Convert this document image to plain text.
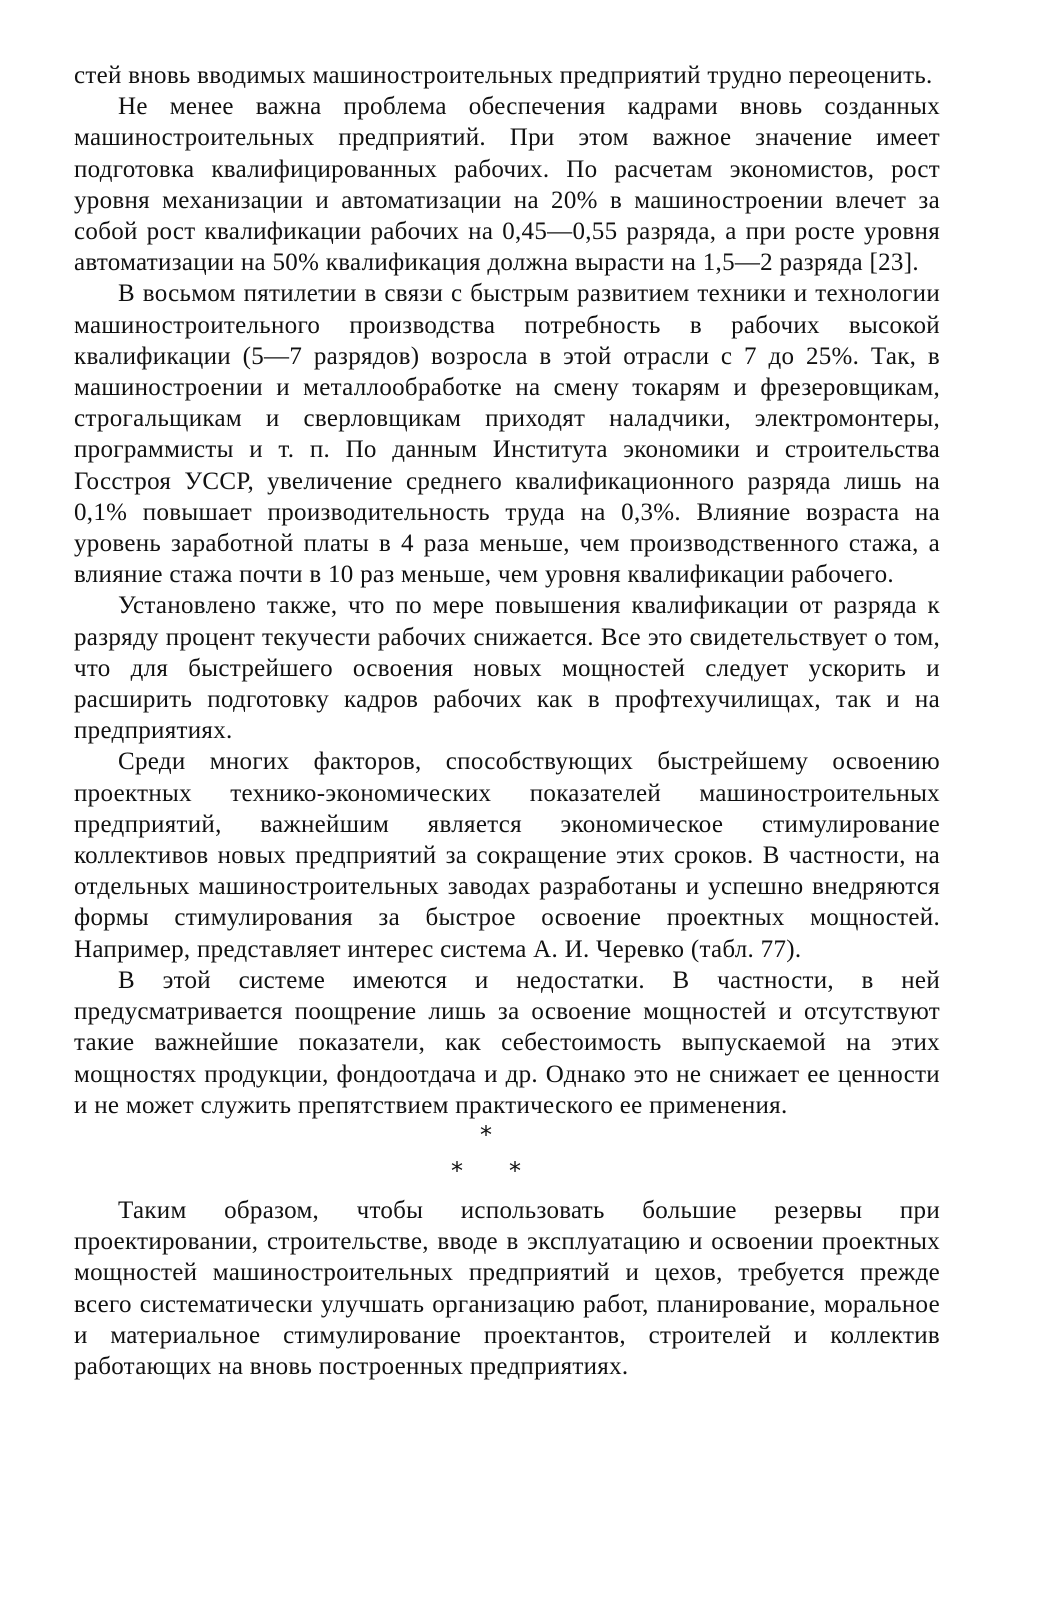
стей вновь вводимых машиностроительных предприятий трудно переоценить.

Не менее важна проблема обеспечения кадрами вновь созданных машиностроительных предприятий. При этом важное значение имеет подготовка квалифицированных рабочих. По расчетам экономистов, рост уровня механизации и автоматизации на 20% в машиностроении влечет за собой рост квалификации рабочих на 0,45—0,55 разряда, а при росте уровня автоматизации на 50% квалификация должна вырасти на 1,5—2 разряда [23].

В восьмом пятилетии в связи с быстрым развитием техники и технологии машиностроительного производства потребность в рабочих высокой квалификации (5—7 разрядов) возросла в этой отрасли с 7 до 25%. Так, в машиностроении и металлообработке на смену токарям и фрезеровщикам, строгальщикам и сверловщикам приходят наладчики, электромонтеры, программисты и т. п. По данным Института экономики и строительства Госстроя УССР, увеличение среднего квалификационного разряда лишь на 0,1% повышает производительность труда на 0,3%. Влияние возраста на уровень заработной платы в 4 раза меньше, чем производственного стажа, а влияние стажа почти в 10 раз меньше, чем уровня квалификации рабочего.

Установлено также, что по мере повышения квалификации от разряда к разряду процент текучести рабочих снижается. Все это свидетельствует о том, что для быстрейшего освоения новых мощностей следует ускорить и расширить подготовку кадров рабочих как в профтехучилищах, так и на предприятиях.

Среди многих факторов, способствующих быстрейшему освоению проектных технико-экономических показателей машиностроительных предприятий, важнейшим является экономическое стимулирование коллективов новых предприятий за сокращение этих сроков. В частности, на отдельных машиностроительных заводах разработаны и успешно внедряются формы стимулирования за быстрое освоение проектных мощностей. Например, представляет интерес система А. И. Черевко (табл. 77).

В этой системе имеются и недостатки. В частности, в ней предусматривается поощрение лишь за освоение мощностей и отсутствуют такие важнейшие показатели, как себестоимость выпускаемой на этих мощностях продукции, фондоотдача и др. Однако это не снижает ее ценности и не может служить препятствием практического ее применения.

*
* *

Таким образом, чтобы использовать большие резервы при проектировании, строительстве, вводе в эксплуатацию и освоении проектных мощностей машиностроительных предприятий и цехов, требуется прежде всего систематически улучшать организацию работ, планирование, моральное и материальное стимулирование проектантов, строителей и коллектив работающих на вновь построенных предприятиях.
